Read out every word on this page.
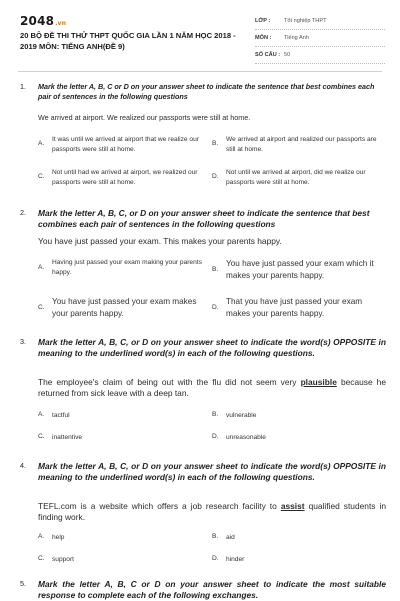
2048.vn
20 BỘ ĐỀ THI THỬ THPT QUỐC GIA LẦN 1 NĂM HỌC 2018 - 2019 MÔN: TIẾNG ANH(ĐỀ 9)
LỚP : Tốt nghiệp THPT
MÔN : Tiếng Anh
SỐ CÂU : 50
1. Mark the letter A, B, C or D on your answer sheet to indicate the sentence that best combines each pair of sentences in the following questions
We arrived at airport. We realized our passports were still at home.
A.
It was until we arrived at airport that we realize our passports were still at home.
B.
We arrived at airport and realized our passports are still at home.
C.
Not until had we arrived at airport, we realized our passports were still at home.
D.
Not until we arrived at airport, did we realize our passports were still at home.
2. Mark the letter A, B, C, or D on your answer sheet to indicate the sentence that best combines each pair of sentences in the following questions
You have just passed your exam. This makes your parents happy.
A.
Having just passed your exam making your parents happy.	B.
You have just passed your exam which it makes your parents happy.
C.
You have just passed your exam makes your parents happy.
D.
That you have just passed your exam makes your parents happy.
3. Mark the letter A, B, C, or D on your answer sheet to indicate the word(s) OPPOSITE in meaning to the underlined word(s) in each of the following questions.
The employee's claim of being out with the flu did not seem very plausible because he returned from sick leave with a deep tan.
A. tactful	B. vulnerable
C. inattentive	D. unreasonable
4. Mark the letter A, B, C, or D on your answer sheet to indicate the word(s) OPPOSITE in meaning to the underlined word(s) in each of the following questions.
TEFL.com is a website which offers a job research facility to assist qualified students in finding work.
A. help	B. aid
C. support	D. hinder
5. Mark the letter A, B, C or D on your answer sheet to indicate the most suitable response to complete each of the following exchanges.
